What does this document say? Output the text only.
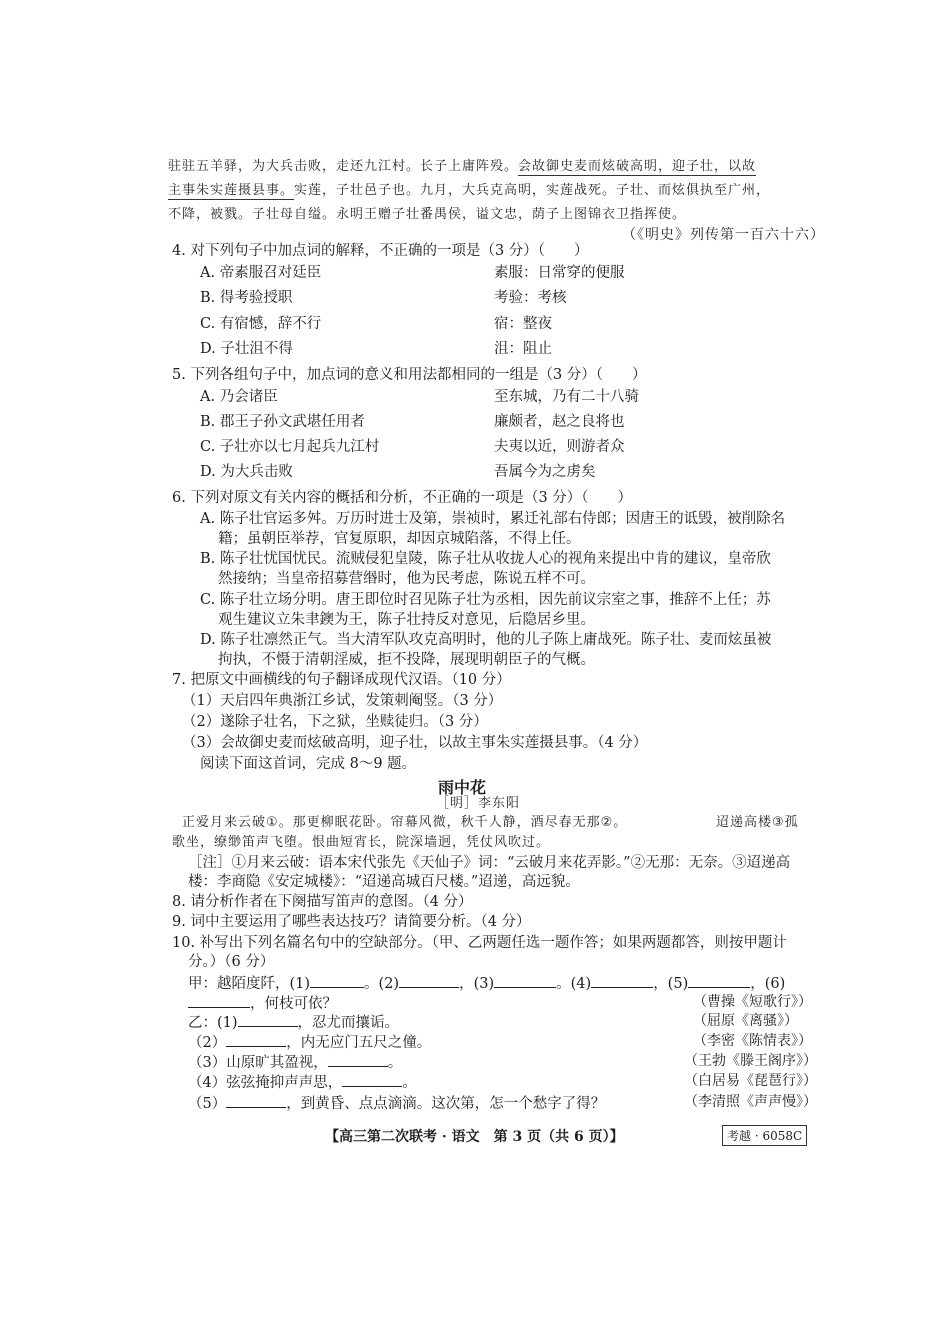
驻驻五羊驿，为大兵击败，走还九江村。长子上庸阵殁。会故御史麦而炫破高明，迎子壮，以故
主事朱实莲摄县事。实莲，子壮邑子也。九月，大兵克高明，实莲战死。子壮、而炫俱执至广州，
不降，被戮。子壮母自缢。永明王赠子壮番禺侯，谥文忠，荫子上图锦衣卫指挥使。
（《明史》列传第一百六十六）
4. 对下列句子中加点词的解释，不正确的一项是（3 分）（　　）
A. 帝素服召对廷臣	素服：日常穿的便服
B. 得考验授职	考验：考核
C. 有宿憾，辞不行	宿：整夜
D. 子壮沮不得	沮：阻止
5. 下列各组句子中，加点词的意义和用法都相同的一组是（3 分）（　　）
A. 乃会诸臣	至东城，乃有二十八骑
B. 郡王子孙文武堪任用者	廉颇者，赵之良将也
C. 子壮亦以七月起兵九江村	夫夷以近，则游者众
D. 为大兵击败	吾属今为之虏矣
6. 下列对原文有关内容的概括和分析，不正确的一项是（3 分）（　　）
A. 陈子壮官运多舛。万历时进士及第，崇祯时，累迁礼部右侍郎；因唐王的诋毁，被削除名
籍；虽朝臣举荐，官复原职，却因京城陷落，不得上任。
B. 陈子壮忧国忧民。流贼侵犯皇陵，陈子壮从收拢人心的视角来提出中肯的建议，皇帝欣
然接纳；当皇帝招募营缗时，他为民考虑，陈说五样不可。
C. 陈子壮立场分明。唐王即位时召见陈子壮为丞相，因先前议宗室之事，推辞不上任；苏
观生建议立朱聿鐭为王，陈子壮持反对意见，后隐居乡里。
D. 陈子壮凛然正气。当大清军队攻克高明时，他的儿子陈上庸战死。陈子壮、麦而炫虽被
拘执，不慑于清朝淫威，拒不投降，展现明朝臣子的气概。
7. 把原文中画横线的句子翻译成现代汉语。（10 分）
（1）天启四年典浙江乡试，发策刺阉竖。（3 分）
（2）遂除子壮名，下之狱，坐赎徒归。（3 分）
（3）会故御史麦而炫破高明，迎子壮，以故主事朱实莲摄县事。（4 分）
阅读下面这首词，完成 8～9 题。
雨中花
［明］李东阳
正爱月来云破①。那更柳眠花卧。帘幕风微，秋千人静，酒尽春无那②。	迢递高楼③孤
歌坐，缭缈笛声飞堕。恨曲短宵长，院深墙迥，凭仗风吹过。
［注］①月来云破：语本宋代张先《天仙子》词：“云破月来花弄影。”②无那：无奈。③迢递高
楼：李商隐《安定城楼》：“迢递高城百尺楼。”迢递，高远貌。
8. 请分析作者在下阕描写笛声的意图。（4 分）
9. 词中主要运用了哪些表达技巧？请简要分析。（4 分）
10. 补写出下列名篇名句中的空缺部分。（甲、乙两题任选一题作答；如果两题都答，则按甲题计
分。）（6 分）
甲：越陌度阡，(1)	。(2)	，(3)	。(4)	，(5)	，(6)
，何枝可依？	（曹操《短歌行》）
乙：(1)	，忍尤而攘诟。	（屈原《离骚》）
（2）	，内无应门五尺之僮。	（李密《陈情表》）
（3）山原旷其盈视，	。	（王勃《滕王阁序》）
（4）弦弦掩抑声声思，	。	（白居易《琵琶行》）
（5）	，到黄昏、点点滴滴。这次第，怎一个愁字了得？	（李清照《声声慢》）
【高三第二次联考 · 语文　第 3 页（共 6 页）】	考越 · 6058C
